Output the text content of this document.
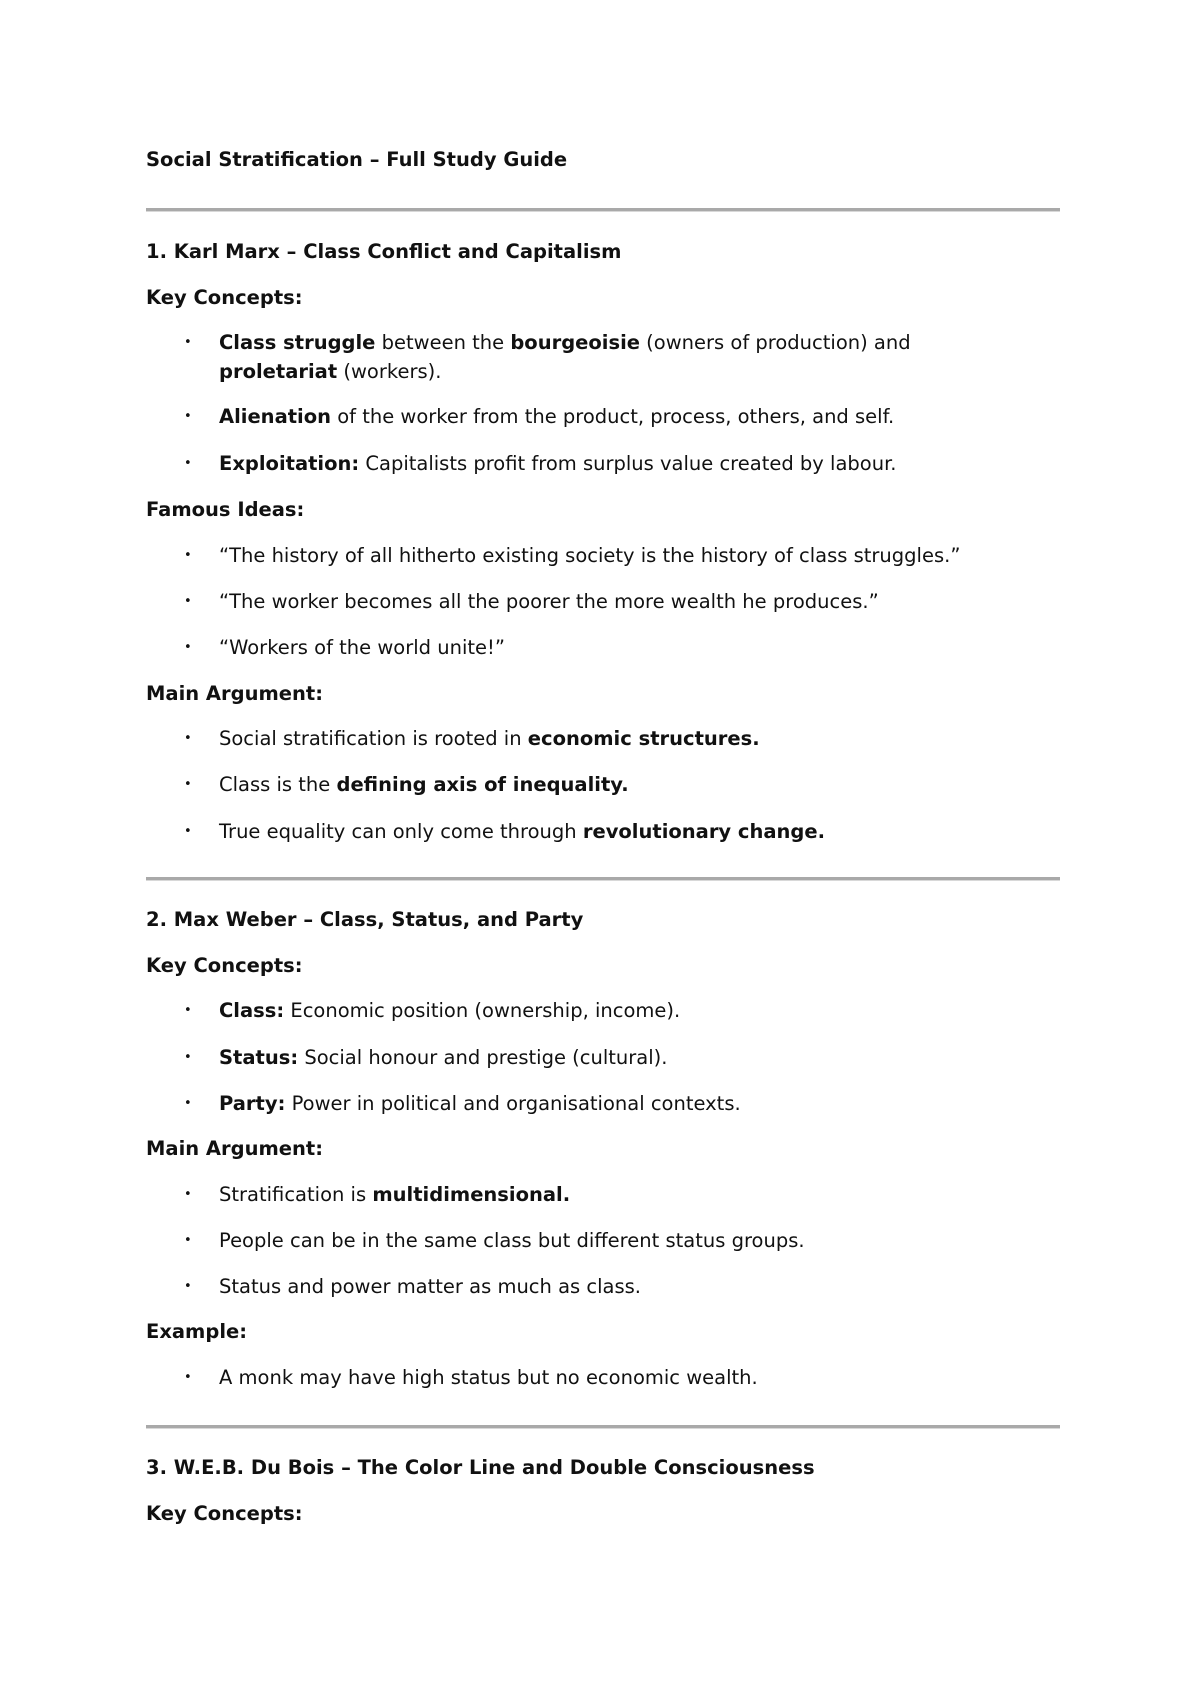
Social Stratification – Full Study Guide
1. Karl Marx – Class Conflict and Capitalism
Key Concepts:
• Class struggle between the bourgeoisie (owners of production) and proletariat (workers).
• Alienation of the worker from the product, process, others, and self.
• Exploitation: Capitalists profit from surplus value created by labour.
Famous Ideas:
• “The history of all hitherto existing society is the history of class struggles.”
• “The worker becomes all the poorer the more wealth he produces.”
• “Workers of the world unite!”
Main Argument:
• Social stratification is rooted in economic structures.
• Class is the defining axis of inequality.
• True equality can only come through revolutionary change.
2. Max Weber – Class, Status, and Party
Key Concepts:
• Class: Economic position (ownership, income).
• Status: Social honour and prestige (cultural).
• Party: Power in political and organisational contexts.
Main Argument:
• Stratification is multidimensional.
• People can be in the same class but different status groups.
• Status and power matter as much as class.
Example:
• A monk may have high status but no economic wealth.
3. W.E.B. Du Bois – The Color Line and Double Consciousness
Key Concepts:
